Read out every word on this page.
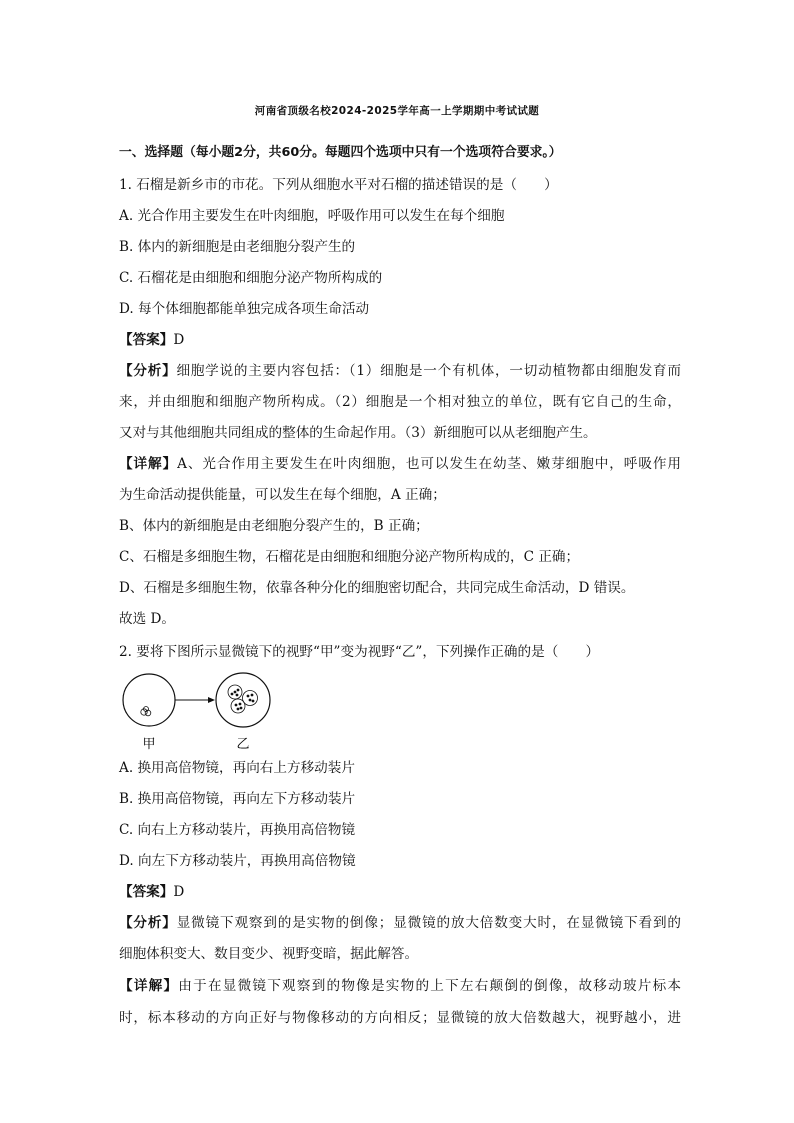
河南省顶级名校2024-2025学年高一上学期期中考试试题
一、选择题（每小题2分，共60分。每题四个选项中只有一个选项符合要求。）
1. 石榴是新乡市的市花。下列从细胞水平对石榴的描述错误的是（　　）
A. 光合作用主要发生在叶肉细胞，呼吸作用可以发生在每个细胞
B. 体内的新细胞是由老细胞分裂产生的
C. 石榴花是由细胞和细胞分泌产物所构成的
D. 每个体细胞都能单独完成各项生命活动
【答案】D
【分析】细胞学说的主要内容包括：（1）细胞是一个有机体，一切动植物都由细胞发育而
来，并由细胞和细胞产物所构成。（2）细胞是一个相对独立的单位，既有它自己的生命，
又对与其他细胞共同组成的整体的生命起作用。（3）新细胞可以从老细胞产生。
【详解】A、光合作用主要发生在叶肉细胞，也可以发生在幼茎、嫩芽细胞中，呼吸作用
为生命活动提供能量，可以发生在每个细胞，A 正确；
B、体内的新细胞是由老细胞分裂产生的，B 正确；
C、石榴是多细胞生物，石榴花是由细胞和细胞分泌产物所构成的，C 正确；
D、石榴是多细胞生物，依靠各种分化的细胞密切配合，共同完成生命活动，D 错误。
故选 D。
2. 要将下图所示显微镜下的视野“甲”变为视野“乙”，下列操作正确的是（　　）
甲	乙
A. 换用高倍物镜，再向右上方移动装片
B. 换用高倍物镜，再向左下方移动装片
C. 向右上方移动装片，再换用高倍物镜
D. 向左下方移动装片，再换用高倍物镜
【答案】D
【分析】显微镜下观察到的是实物的倒像；显微镜的放大倍数变大时，在显微镜下看到的
细胞体积变大、数目变少、视野变暗，据此解答。
【详解】由于在显微镜下观察到的物像是实物的上下左右颠倒的倒像，故移动玻片标本
时，标本移动的方向正好与物像移动的方向相反；显微镜的放大倍数越大，视野越小，进
